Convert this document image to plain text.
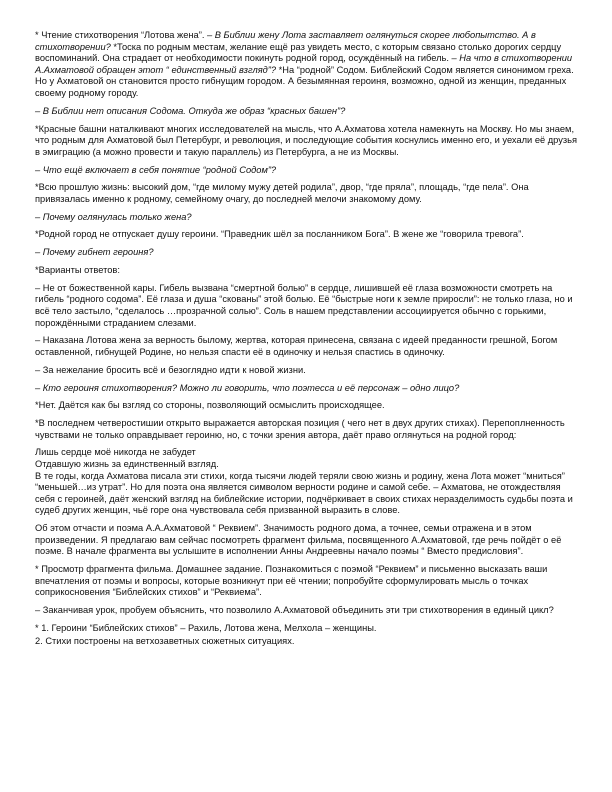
* Чтение стихотворения “Лотова жена”. – В Библии жену Лота заставляет оглянуться скорее любопытство. А в стихотворении? *Тоска по родным местам, желание ещё раз увидеть место, с которым связано столько дорогих сердцу воспоминаний. Она страдает от необходимости покинуть родной город, осуждённый на гибель. – На что в стихотворении А.Ахматовой обращен этот “ единственный взгляд”? *На “родной” Содом. Библейский Содом является синонимом греха. Но у Ахматовой он становится просто гибнущим городом. А безымянная героиня, возможно, одной из женщин, преданных своему родному городу.

– В Библии нет описания Содома. Откуда же образ “красных башен”?

*Красные башни наталкивают многих исследователей на мысль, что А.Ахматова хотела намекнуть на Москву. Но мы знаем, что родным для Ахматовой был Петербург, и революция, и последующие события коснулись именно его, и уехали её друзья в эмиграцию (а можно провести и такую параллель) из Петербурга, а не из Москвы.

– Что ещё включает в себя понятие “родной Содом”?

*Всю прошлую жизнь: высокий дом, “где милому мужу детей родила”, двор, “где пряла”, площадь, “где пела”. Она привязалась именно к родному, семейному очагу, до последней мелочи знакомому дому.

– Почему оглянулась только жена?

*Родной город не отпускает душу героини. “Праведник шёл за посланником Бога”. В жене же “говорила тревога”.

– Почему гибнет героиня?

*Варианты ответов:

– Не от божественной кары. Гибель вызвана “смертной болью” в сердце, лишившей её глаза возможности смотреть на гибель “родного содома”. Её глаза и душа “скованы” этой болью. Её “быстрые ноги к земле приросли”: не только глаза, но и всё тело застыло, “сделалось …прозрачной солью”. Соль в нашем представлении ассоциируется обычно с горькими, порождёнными страданием слезами.

– Наказана Лотова жена за верность былому, жертва, которая принесена, связана с идеей преданности грешной, Богом оставленной, гибнущей Родине, но нельзя спасти её в одиночку и нельзя спастись в одиночку.

– За нежелание бросить всё и безоглядно идти к новой жизни.

– Кто героиня стихотворения? Можно ли говорить, что поэтесса и её персонаж – одно лицо?

*Нет. Даётся как бы взгляд со стороны, позволяющий осмыслить происходящее.

*В последнем четверостишии открыто выражается авторская позиция ( чего нет в двух других стихах). Перепоплненность чувствами не только оправдывает героиню, но, с точки зрения автора, даёт право оглянуться на родной город:

Лишь сердце моё никогда не забудет

Отдавшую жизнь за единственный взгляд.

В те годы, когда Ахматова писала эти стихи, когда тысячи людей теряли свою жизнь и родину, жена Лота может “мниться” “меньшей…из утрат”. Но для поэта она является символом верности родине и самой себе. – Ахматова, не отождествляя себя с героиней, даёт женский взгляд на библейские истории, подчёркивает в своих стихах неразделимость судьбы поэта и судеб других женщин, чьё горе она чувствовала себя призванной выразить в слове.

Об этом отчасти и поэма А.А.Ахматовой “ Реквием”. Значимость родного дома, а точнее, семьи отражена и в этом произведении. Я предлагаю вам сейчас посмотреть фрагмент фильма, посвященного А.Ахматовой, где речь пойдёт о её поэме. В начале фрагмента вы услышите в исполнении Анны Андреевны начало поэмы “ Вместо предисловия”.

* Просмотр фрагмента фильма. Домашнее задание. Познакомиться с поэмой “Реквием” и письменно высказать ваши впечатления от поэмы и вопросы, которые возникнут при её чтении; попробуйте сформулировать мысль о точках соприкосновения “Библейских стихов” и “Реквиема”.

– Заканчивая урок, пробуем объяснить, что позволило А.Ахматовой объединить эти три стихотворения в единый цикл?

* 1. Героини “Библейских стихов” – Рахиль, Лотова жена, Мелхола – женщины.

2. Стихи построены на ветхозаветных сюжетных ситуациях.
